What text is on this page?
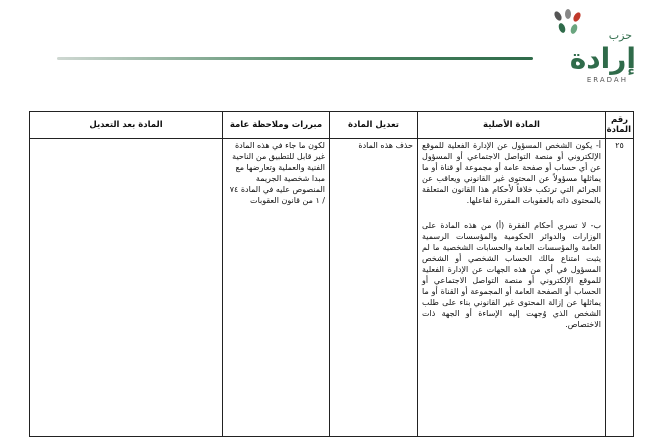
حزب
إرادة
ERADAH
رقم المادة	المادة الأصلية	تعديل المادة	مبررات وملاحظة عامة	المادة بعد التعديل
٢٥	أ- يكون الشخص المسؤول عن الإدارة الفعلية للموقع الإلكتروني أو منصة التواصل الاجتماعي أو المسؤول عن أي حساب أو صفحة عامة أو مجموعة أو قناة أو ما يماثلها مسؤولاً عن المحتوى غير القانوني ويعاقب عن الجرائم التي ترتكب خلافاً لأحكام هذا القانون المتعلقة بالمحتوى ذاته بالعقوبات المقررة لفاعلها.

ب- لا تسري أحكام الفقرة (أ) من هذه المادة على الوزارات والدوائر الحكومية والمؤسسات الرسمية العامة والمؤسسات العامة والحسابات الشخصية ما لم يثبت امتناع مالك الحساب الشخصي أو الشخص المسؤول في أي من هذه الجهات عن الإدارة الفعلية للموقع الإلكتروني أو منصة التواصل الاجتماعي أو الحساب أو الصفحة العامة أو المجموعة أو القناة أو ما يماثلها عن إزالة المحتوى غير القانوني بناء على طلب الشخص الذي وُجهت إليه الإساءة أو الجهة ذات الاختصاص.	حذف هذه المادة	لكون ما جاء في هذه المادة غير قابل للتطبيق من الناحية الفنية والعملية وتعارضها مع مبدا شخصية الجريمة المنصوص عليه في المادة ٧٤ / ١ من قانون العقوبات	
